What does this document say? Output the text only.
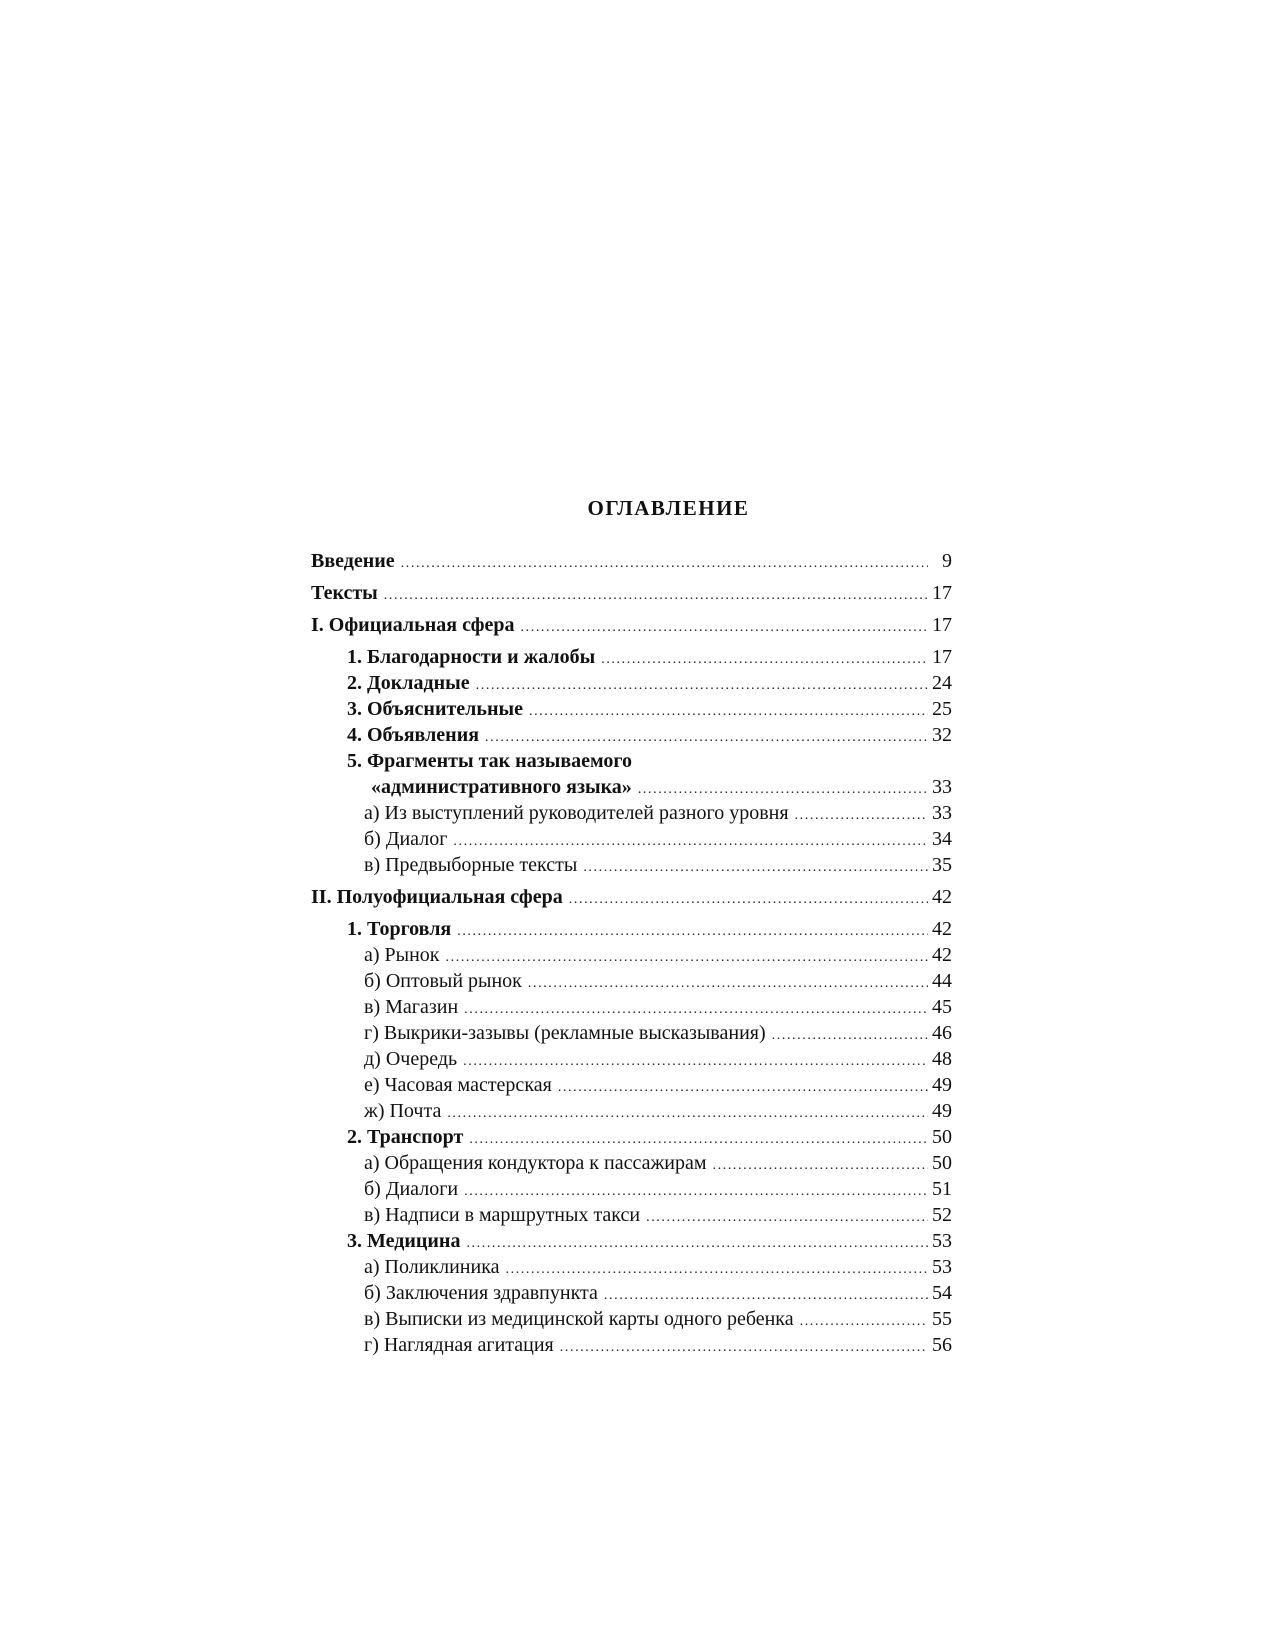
ОГЛАВЛЕНИЕ
Введение .....	9
Тексты .....	17
I. Официальная сфера .....	17
1. Благодарности и жалобы .....	17
2. Докладные .....	24
3. Объяснительные .....	25
4. Объявления .....	32
5. Фрагменты так называемого
«административного языка» .....	33
а) Из выступлений руководителей разного уровня .....	33
б) Диалог .....	34
в) Предвыборные тексты .....	35
II. Полуофициальная сфера .....	42
1. Торговля .....	42
а) Рынок .....	42
б) Оптовый рынок .....	44
в) Магазин .....	45
г) Выкрики-зазывы (рекламные высказывания) .....	46
д) Очередь .....	48
е) Часовая мастерская .....	49
ж) Почта .....	49
2. Транспорт .....	50
а) Обращения кондуктора к пассажирам .....	50
б) Диалоги .....	51
в) Надписи в маршрутных такси .....	52
3. Медицина .....	53
а) Поликлиника .....	53
б) Заключения здравпункта .....	54
в) Выписки из медицинской карты одного ребенка .....	55
г) Наглядная агитация .....	56
